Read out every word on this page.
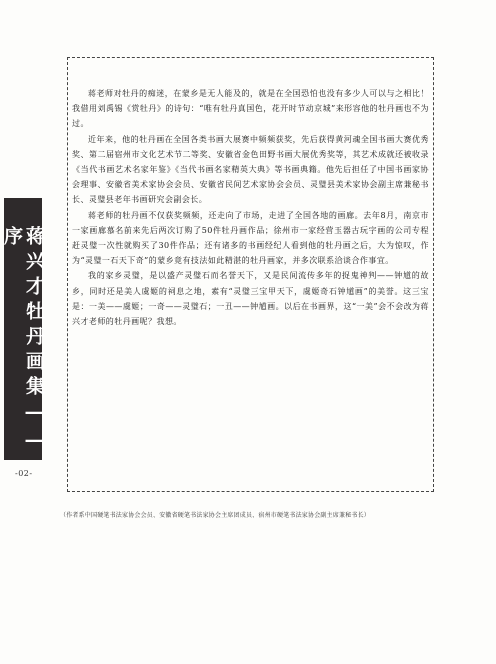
蒋兴才牡丹画集——序
-02-

蒋老师对牡丹的痴迷，在蒙乡是无人能及的，就是在全国恐怕也没有多少人可以与之相比！我借用刘禹锡《赏牡丹》的诗句：“唯有牡丹真国色，花开时节动京城”来形容他的牡丹画也不为过。

近年来，他的牡丹画在全国各类书画大展赛中频频获奖，先后获得黄河魂全国书画大赛优秀奖、第二届宿州市文化艺术节二等奖、安徽省金色田野书画大展优秀奖等，其艺术成就还被收录《当代书画艺术名家年鉴》《当代书画名家精英大典》等书画典籍。他先后担任了中国书画家协会理事、安徽省美术家协会会员、安徽省民间艺术家协会会员、灵璧县美术家协会副主席兼秘书长、灵璧县老年书画研究会副会长。

蒋老师的牡丹画不仅获奖频频，还走向了市场，走进了全国各地的画廊。去年8月，南京市一家画廊慕名前来先后两次订购了50件牡丹画作品；徐州市一家经营玉器古玩字画的公司专程赶灵璧一次性就购买了30件作品；还有诸多的书画经纪人看到他的牡丹画之后，大为惊叹，作为“灵璧一石天下奇”的蒙乡竟有技法如此精湛的牡丹画家，并多次联系洽谈合作事宜。

我的家乡灵璧，是以盛产灵璧石而名誉天下，又是民间流传多年的捉鬼神判——钟馗的故乡，同时还是美人虞姬的祠息之地，素有“灵璧三宝甲天下，虞姬奇石钟馗画”的美誉。这三宝是：一美——虞姬；一奇——灵璧石；一丑——钟馗画。以后在书画界，这“一美”会不会改为蒋兴才老师的牡丹画呢？我想。

（作者系中国硬笔书法家协会会员、安徽省硬笔书法家协会主席团成员、宿州市硬笔书法家协会副主席兼秘书长）
